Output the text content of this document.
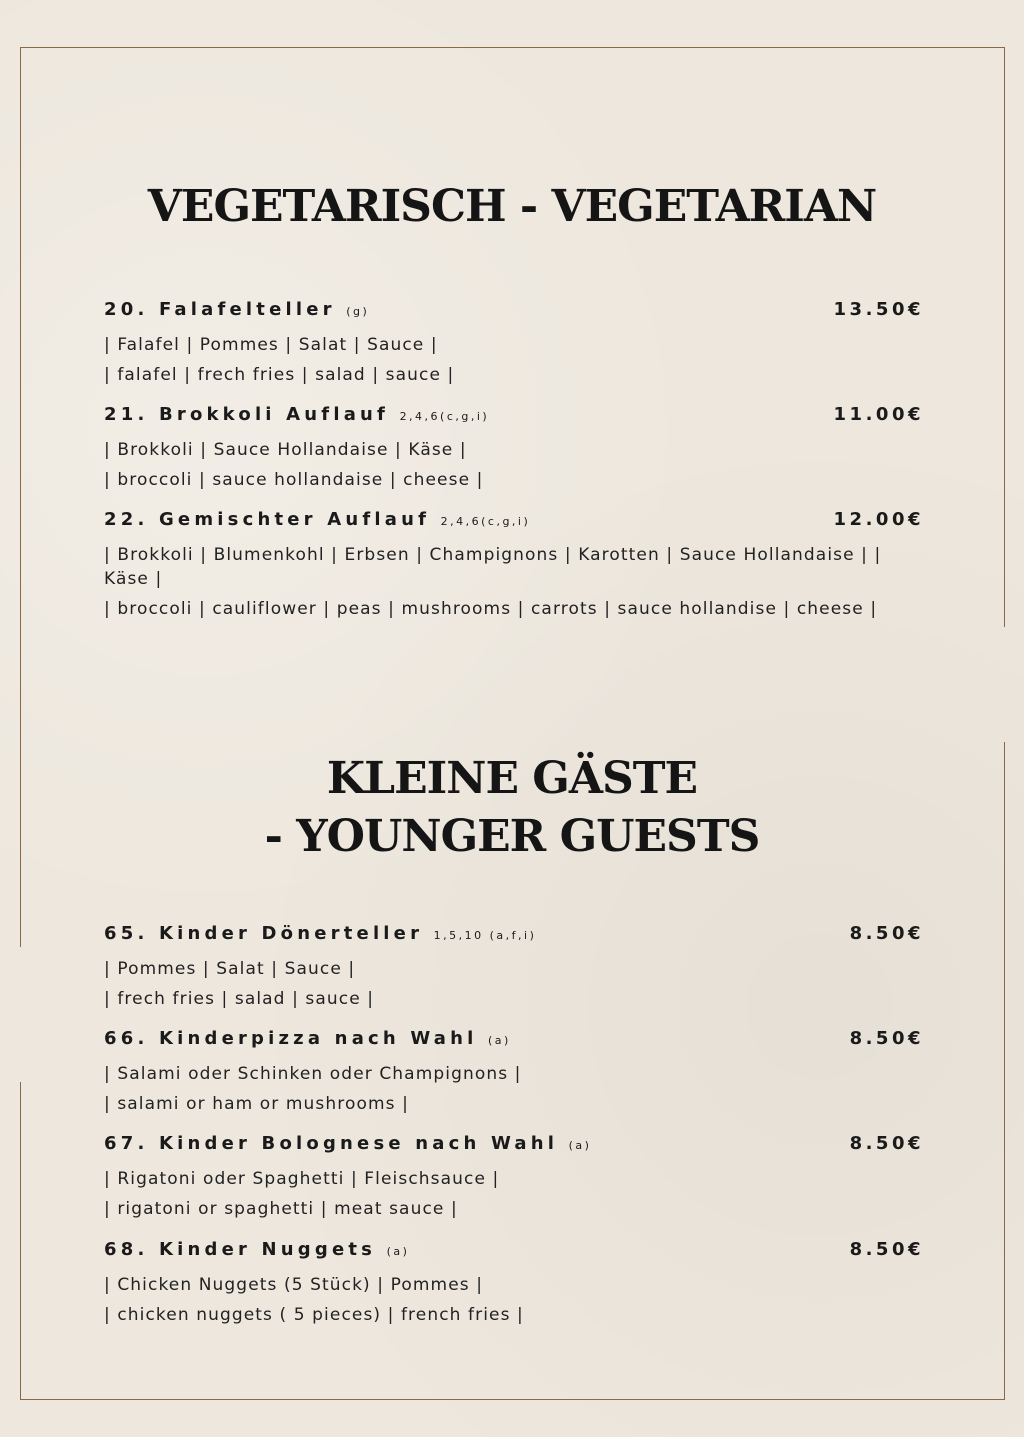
VEGETARISCH - VEGETARIAN
20. Falafelteller (g)	13.50€
| Falafel | Pommes | Salat | Sauce |
| falafel | frech fries | salad | sauce |
21. Brokkoli Auflauf 2,4,6(c,g,i)	11.00€
| Brokkoli | Sauce Hollandaise | Käse |
| broccoli | sauce hollandaise | cheese |
22. Gemischter Auflauf 2,4,6(c,g,i)	12.00€
| Brokkoli | Blumenkohl | Erbsen | Champignons | Karotten | Sauce Hollandaise | | Käse |
| broccoli | cauliflower | peas | mushrooms | carrots | sauce hollandise | cheese |
KLEINE GÄSTE
- YOUNGER GUESTS
65. Kinder Dönerteller 1,5,10 (a,f,i)	8.50€
| Pommes | Salat | Sauce |
| frech fries | salad | sauce |
66. Kinderpizza nach Wahl (a)	8.50€
| Salami oder Schinken oder Champignons |
| salami or ham or mushrooms |
67. Kinder Bolognese nach Wahl (a)	8.50€
| Rigatoni oder Spaghetti | Fleischsauce |
| rigatoni or spaghetti | meat sauce |
68. Kinder Nuggets (a)	8.50€
| Chicken Nuggets (5 Stück) | Pommes |
| chicken nuggets ( 5 pieces) | french fries |
